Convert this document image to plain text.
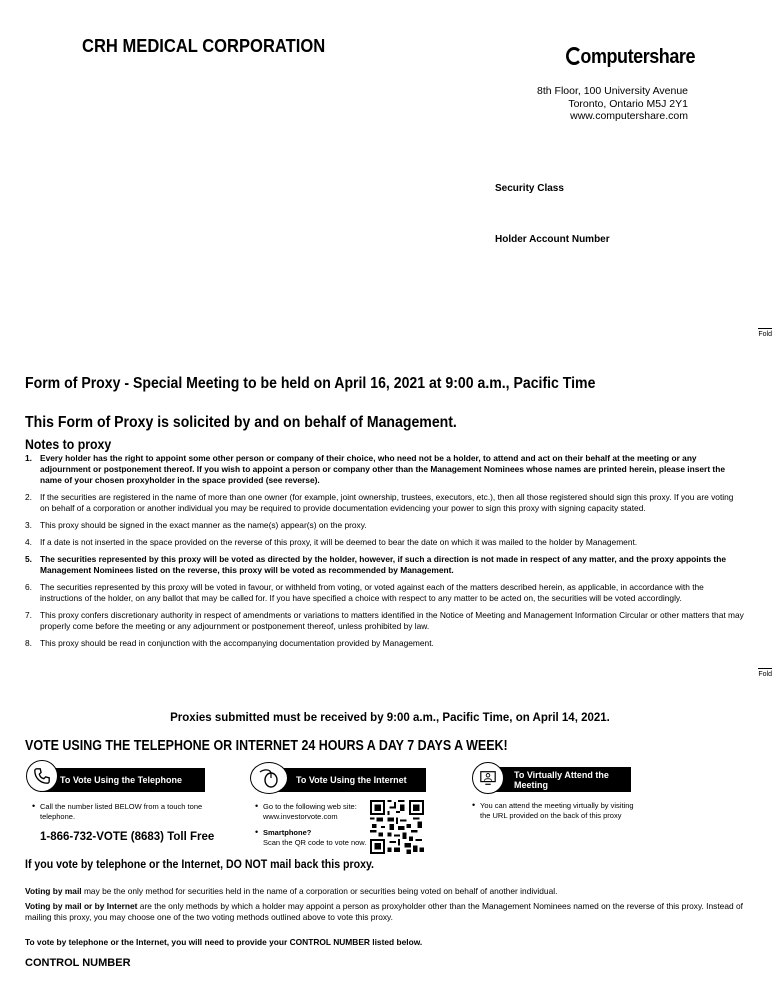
CRH MEDICAL CORPORATION	omputershare
8th Floor, 100 University Avenue
Toronto, Ontario M5J 2Y1
www.computershare.com
Security Class
Holder Account Number
Fold
Fold
Form of Proxy - Special Meeting to be held on April 16, 2021 at 9:00 a.m., Pacific Time
This Form of Proxy is solicited by and on behalf of Management.
Notes to proxy
1. Every holder has the right to appoint some other person or company of their choice, who need not be a holder, to attend and act on their behalf at the meeting or any adjournment or postponement thereof. If you wish to appoint a person or company other than the Management Nominees whose names are printed herein, please insert the name of your chosen proxyholder in the space provided (see reverse).
2. If the securities are registered in the name of more than one owner (for example, joint ownership, trustees, executors, etc.), then all those registered should sign this proxy. If you are voting on behalf of a corporation or another individual you may be required to provide documentation evidencing your power to sign this proxy with signing capacity stated.
3. This proxy should be signed in the exact manner as the name(s) appear(s) on the proxy.
4. If a date is not inserted in the space provided on the reverse of this proxy, it will be deemed to bear the date on which it was mailed to the holder by Management.
5. The securities represented by this proxy will be voted as directed by the holder, however, if such a direction is not made in respect of any matter, and the proxy appoints the Management Nominees listed on the reverse, this proxy will be voted as recommended by Management.
6. The securities represented by this proxy will be voted in favour, or withheld from voting, or voted against each of the matters described herein, as applicable, in accordance with the instructions of the holder, on any ballot that may be called for. If you have specified a choice with respect to any matter to be acted on, the securities will be voted accordingly.
7. This proxy confers discretionary authority in respect of amendments or variations to matters identified in the Notice of Meeting and Management Information Circular or other matters that may properly come before the meeting or any adjournment or postponement thereof, unless prohibited by law.
8. This proxy should be read in conjunction with the accompanying documentation provided by Management.
Proxies submitted must be received by 9:00 a.m., Pacific Time, on April 14, 2021.
VOTE USING THE TELEPHONE OR INTERNET 24 HOURS A DAY 7 DAYS A WEEK!
To Vote Using the Telephone
• Call the number listed BELOW from a touch tone telephone.
1-866-732-VOTE (8683) Toll Free
To Vote Using the Internet
• Go to the following web site:
www.investorvote.com
• Smartphone?
Scan the QR code to vote now.
To Virtually Attend the
Meeting
• You can attend the meeting virtually by visiting the URL provided on the back of this proxy
If you vote by telephone or the Internet, DO NOT mail back this proxy.
Voting by mail may be the only method for securities held in the name of a corporation or securities being voted on behalf of another individual.
Voting by mail or by Internet are the only methods by which a holder may appoint a person as proxyholder other than the Management Nominees named on the reverse of this proxy. Instead of mailing this proxy, you may choose one of the two voting methods outlined above to vote this proxy.
To vote by telephone or the Internet, you will need to provide your CONTROL NUMBER listed below.
CONTROL NUMBER
